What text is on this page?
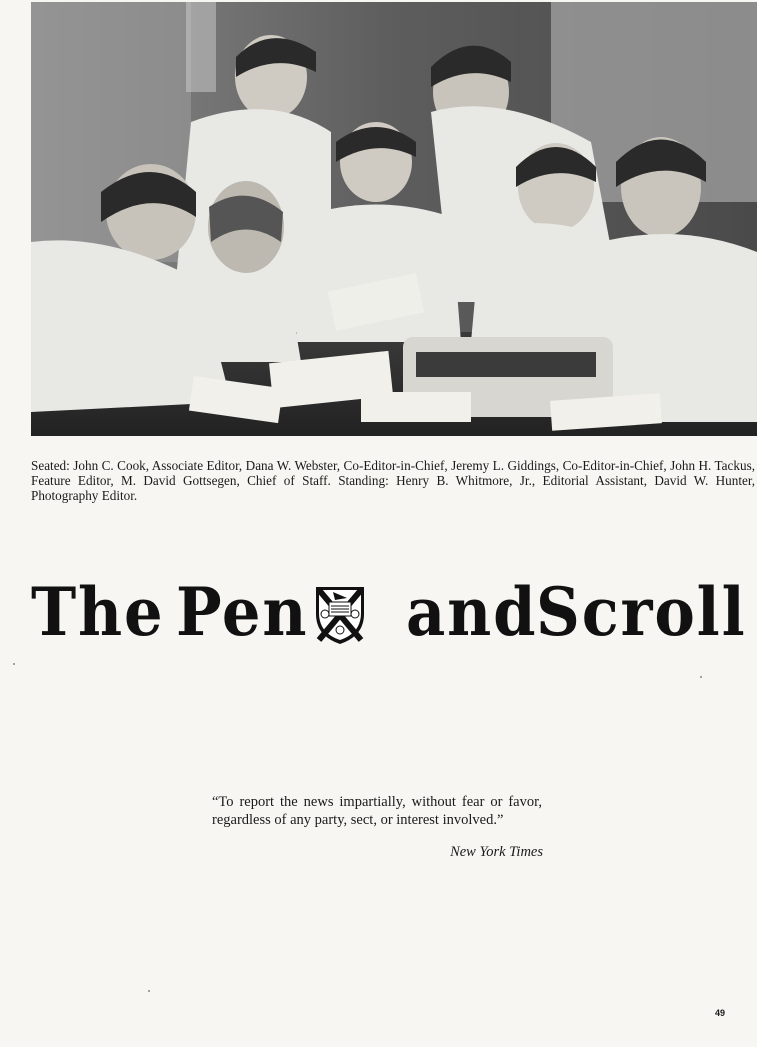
Seated: John C. Cook, Associate Editor, Dana W. Webster, Co-Editor-in-Chief, Jeremy L. Giddings, Co-Editor-in-Chief, John H. Tackus, Feature Editor, M. David Gottsegen, Chief of Staff. Standing: Henry B. Whitmore, Jr., Editorial Assistant, David W. Hunter, Photography Editor.

The Pen and
Scroll

“To report the news impartially, without fear or favor, regardless of any party, sect, or interest involved.”

New York Times
49
